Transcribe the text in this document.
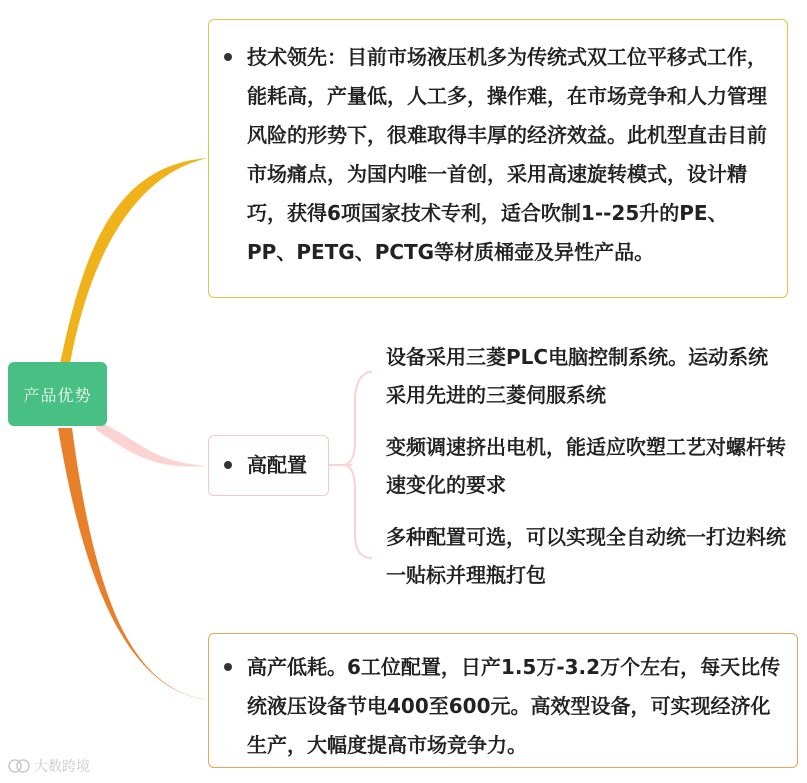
产品优势
技术领先：目前市场液压机多为传统式双工位平移式工作，能耗高，产量低，人工多，操作难，在市场竞争和人力管理风险的形势下，很难取得丰厚的经济效益。此机型直击目前市场痛点，为国内唯一首创，采用高速旋转模式，设计精巧，获得6项国家技术专利，适合吹制1--25升的PE、PP、PETG、PCTG等材质桶壶及异性产品。
高配置
设备采用三菱PLC电脑控制系统。运动系统采用先进的三菱伺服系统
变频调速挤出电机，能适应吹塑工艺对螺杆转速变化的要求
多种配置可选，可以实现全自动统一打边料统一贴标并理瓶打包
高产低耗。6工位配置，日产1.5万-3.2万个左右，每天比传统液压设备节电400至600元。高效型设备，可实现经济化生产，大幅度提高市场竞争力。
大数跨境
